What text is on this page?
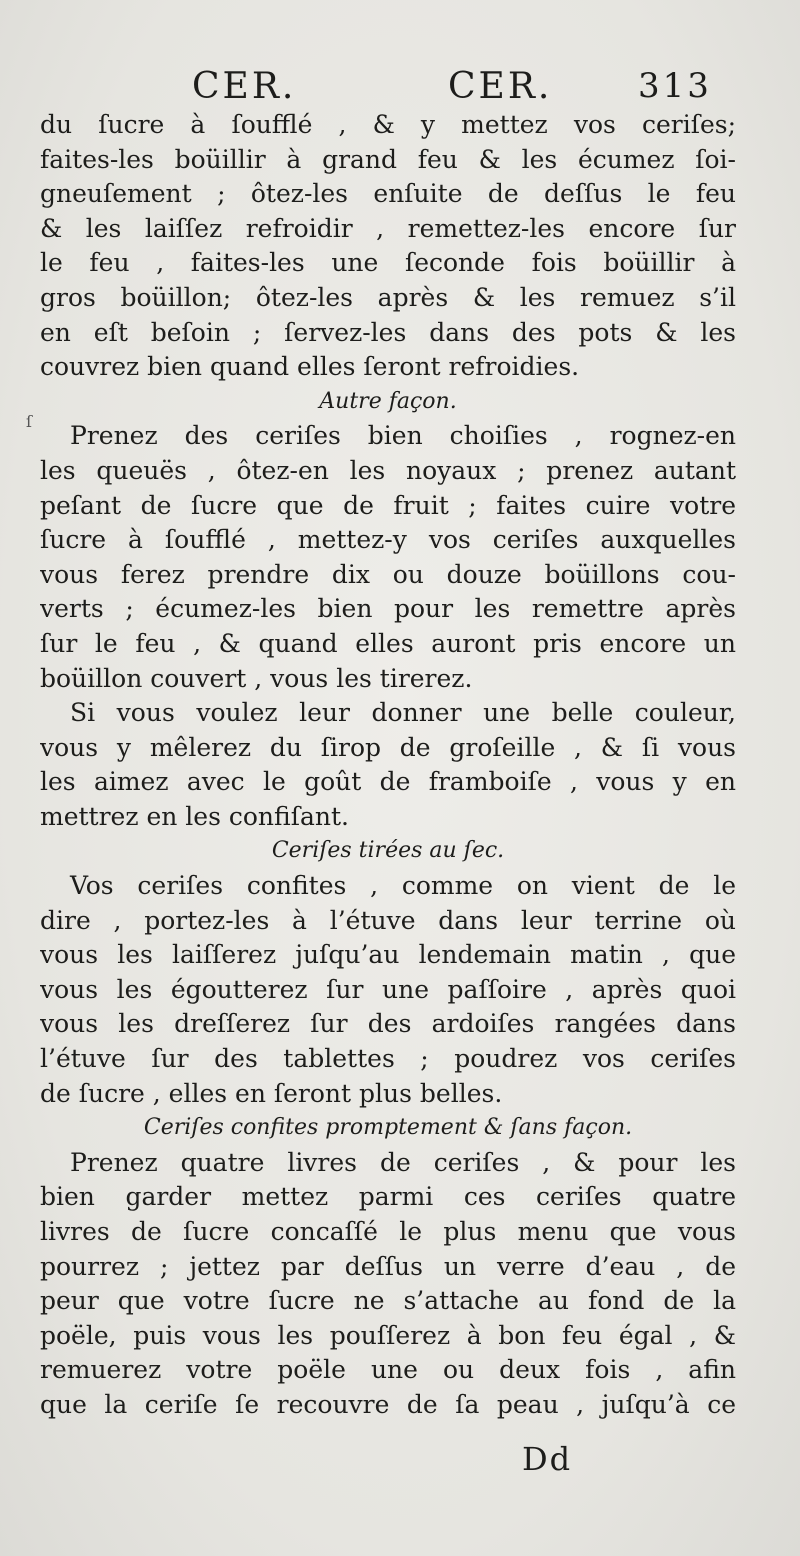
CER.	CER.	313
ſ
du ſucre à ſoufflé , & y mettez vos ceriſes;
faites-les boüillir à grand feu & les écumez ſoi-
gneuſement ; ôtez-les enſuite de deſſus le feu
& les laiſſez refroidir , remettez-les encore ſur
le feu , faites-les une ſeconde fois boüillir à
gros boüillon; ôtez-les après & les remuez s’il
en eſt beſoin ; ſervez-les dans des pots & les
couvrez bien quand elles ſeront refroidies.
Autre façon.
Prenez des ceriſes bien choiſies , rognez-en
les queuës , ôtez-en les noyaux ; prenez autant
peſant de ſucre que de fruit ; faites cuire votre
ſucre à ſoufflé , mettez-y vos ceriſes auxquelles
vous ferez prendre dix ou douze boüillons cou-
verts ; écumez-les bien pour les remettre après
ſur le feu , & quand elles auront pris encore un
boüillon couvert , vous les tirerez.
Si vous voulez leur donner une belle couleur,
vous y mêlerez du ſirop de groſeille , & ſi vous
les aimez avec le goût de framboiſe , vous y en
mettrez en les confiſant.
Ceriſes tirées au ſec.
Vos ceriſes confites , comme on vient de le
dire , portez-les à l’étuve dans leur terrine où
vous les laiſſerez juſqu’au lendemain matin , que
vous les égoutterez ſur une paſſoire , après quoi
vous les dreſſerez ſur des ardoiſes rangées dans
l’étuve ſur des tablettes ; poudrez vos ceriſes
de ſucre , elles en ſeront plus belles.
Ceriſes confites promptement & ſans façon.
Prenez quatre livres de ceriſes , & pour les
bien garder mettez parmi ces ceriſes quatre
livres de ſucre concaſſé le plus menu que vous
pourrez ; jettez par deſſus un verre d’eau , de
peur que votre ſucre ne s’attache au fond de la
poële, puis vous les pouſſerez à bon feu égal , &
remuerez votre poële une ou deux fois , afin
que la ceriſe ſe recouvre de ſa peau , juſqu’à ce
Dd
